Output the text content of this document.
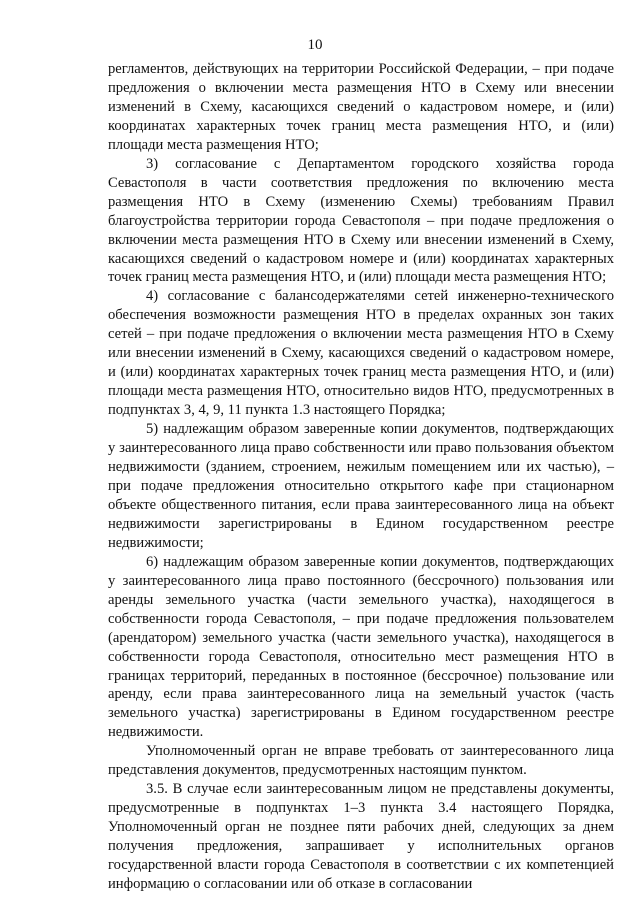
10

регламентов, действующих на территории Российской Федерации, – при подаче предложения о включении места размещения НТО в Схему или внесении изменений в Схему, касающихся сведений о кадастровом номере, и (или) координатах характерных точек границ места размещения НТО, и (или) площади места размещения НТО;

3) согласование с Департаментом городского хозяйства города Севастополя в части соответствия предложения по включению места размещения НТО в Схему (изменению Схемы) требованиям Правил благоустройства территории города Севастополя – при подаче предложения о включении места размещения НТО в Схему или внесении изменений в Схему, касающихся сведений о кадастровом номере и (или) координатах характерных точек границ места размещения НТО, и (или) площади места размещения НТО;

4) согласование с балансодержателями сетей инженерно-технического обеспечения возможности размещения НТО в пределах охранных зон таких сетей – при подаче предложения о включении места размещения НТО в Схему или внесении изменений в Схему, касающихся сведений о кадастровом номере, и (или) координатах характерных точек границ места размещения НТО, и (или) площади места размещения НТО, относительно видов НТО, предусмотренных в подпунктах 3, 4, 9, 11 пункта 1.3 настоящего Порядка;

5) надлежащим образом заверенные копии документов, подтверждающих у заинтересованного лица право собственности или право пользования объектом недвижимости (зданием, строением, нежилым помещением или их частью), – при подаче предложения относительно открытого кафе при стационарном объекте общественного питания, если права заинтересованного лица на объект недвижимости зарегистрированы в Едином государственном реестре недвижимости;

6) надлежащим образом заверенные копии документов, подтверждающих у заинтересованного лица право постоянного (бессрочного) пользования или аренды земельного участка (части земельного участка), находящегося в собственности города Севастополя, – при подаче предложения пользователем (арендатором) земельного участка (части земельного участка), находящегося в собственности города Севастополя, относительно мест размещения НТО в границах территорий, переданных в постоянное (бессрочное) пользование или аренду, если права заинтересованного лица на земельный участок (часть земельного участка) зарегистрированы в Едином государственном реестре недвижимости.

Уполномоченный орган не вправе требовать от заинтересованного лица представления документов, предусмотренных настоящим пунктом.

3.5. В случае если заинтересованным лицом не представлены документы, предусмотренные в подпунктах 1–3 пункта 3.4 настоящего Порядка, Уполномоченный орган не позднее пяти рабочих дней, следующих за днем получения предложения, запрашивает у исполнительных органов государственной власти города Севастополя в соответствии с их компетенцией информацию о согласовании или об отказе в согласовании
